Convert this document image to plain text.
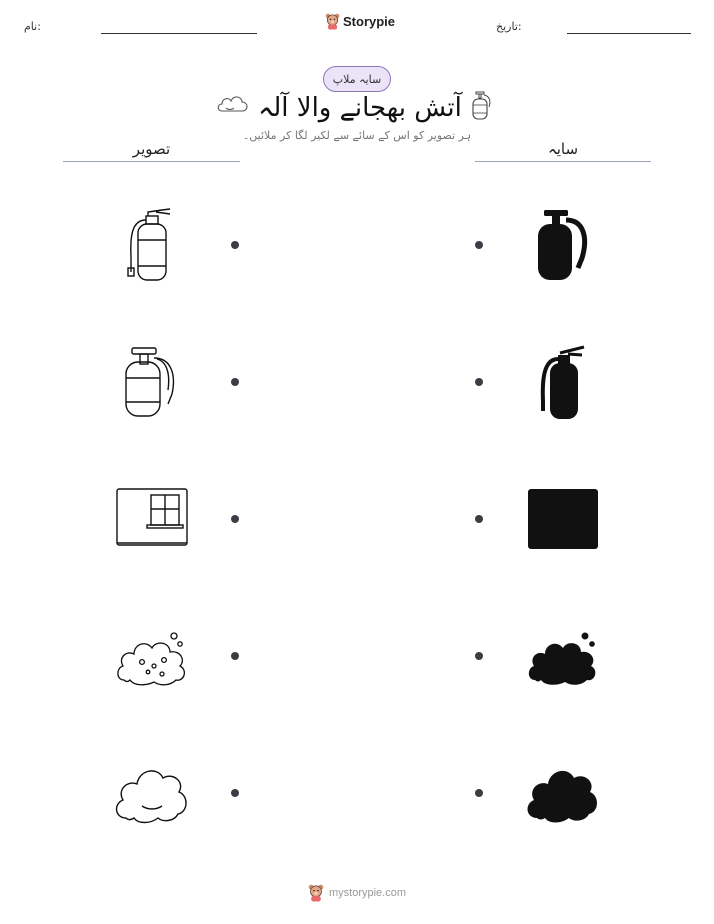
نام:	Storypie	تاریخ:
سایہ ملاپ
آتش بھجانے والا آلہ
ہر تصویر کو اس کے سائے سے لکیر لگا کر ملائیں۔
تصویر	سایہ
mystorypie.com
